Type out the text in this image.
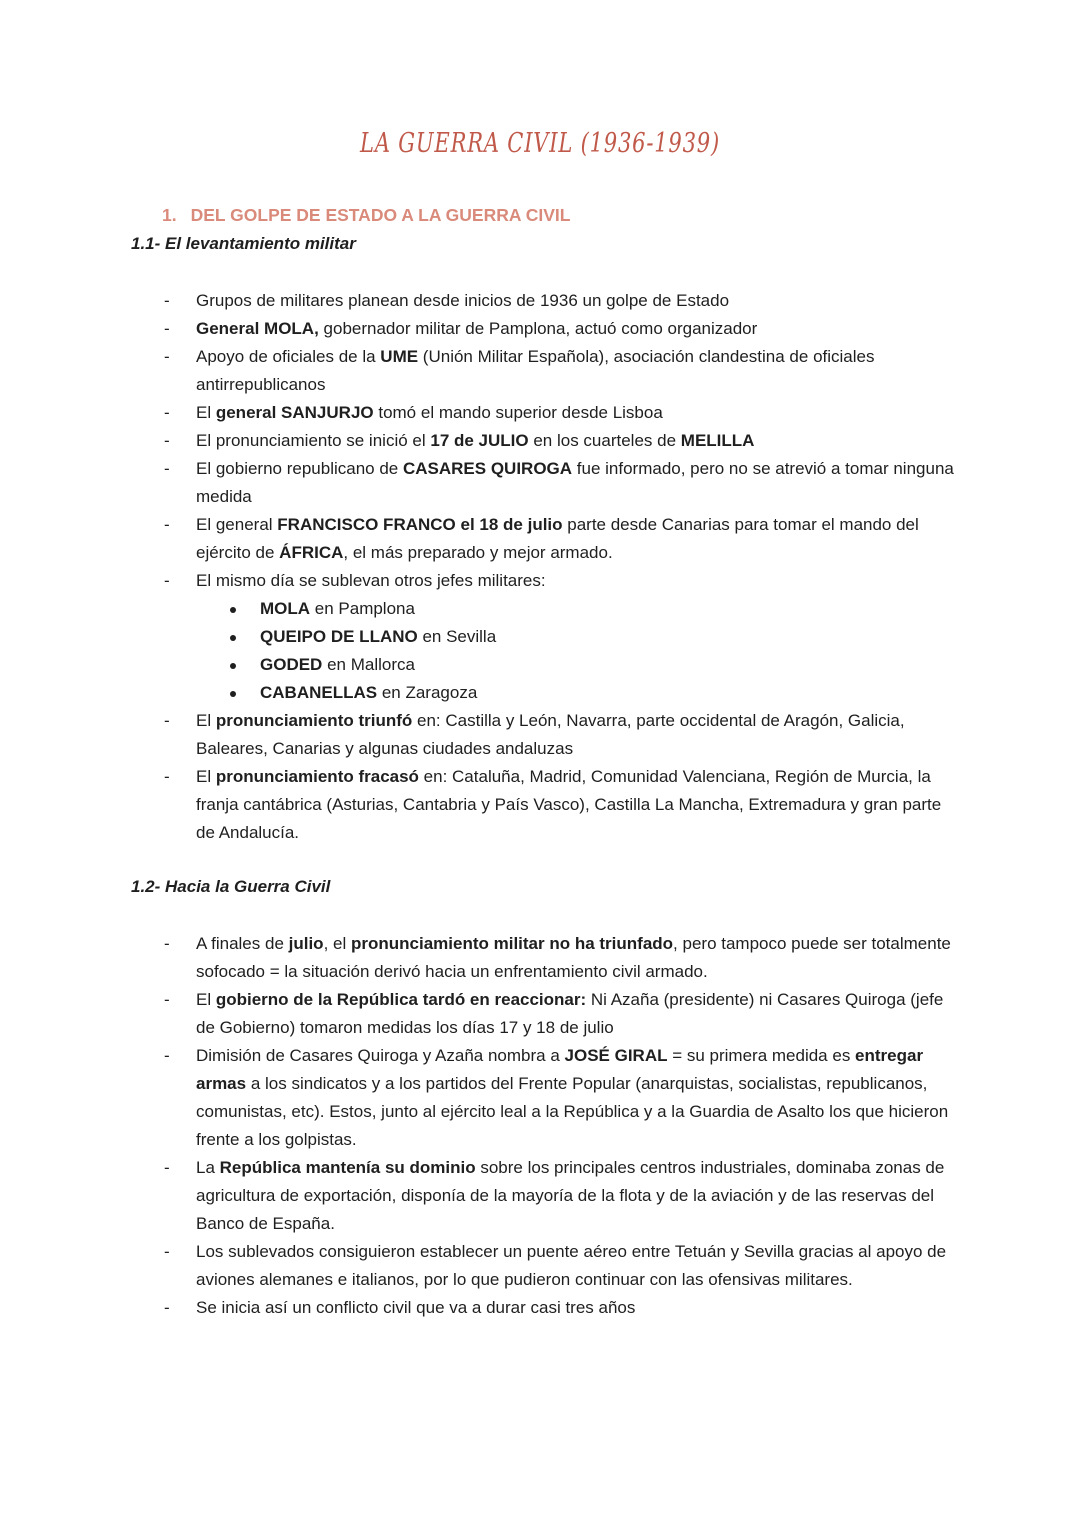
LA GUERRA CIVIL (1936-1939)
1. DEL GOLPE DE ESTADO A LA GUERRA CIVIL
1.1- El levantamiento militar
- Grupos de militares planean desde inicios de 1936 un golpe de Estado
- General MOLA, gobernador militar de Pamplona, actuó como organizador
- Apoyo de oficiales de la UME (Unión Militar Española), asociación clandestina de oficiales antirrepublicanos
- El general SANJURJO tomó el mando superior desde Lisboa
- El pronunciamiento se inició el 17 de JULIO en los cuarteles de MELILLA
- El gobierno republicano de CASARES QUIROGA fue informado, pero no se atrevió a tomar ninguna medida
- El general FRANCISCO FRANCO el 18 de julio parte desde Canarias para tomar el mando del ejército de ÁFRICA, el más preparado y mejor armado.
- El mismo día se sublevan otros jefes militares:
MOLA en Pamplona
QUEIPO DE LLANO en Sevilla
GODED en Mallorca
CABANELLAS en Zaragoza
- El pronunciamiento triunfó en: Castilla y León, Navarra, parte occidental de Aragón, Galicia, Baleares, Canarias y algunas ciudades andaluzas
- El pronunciamiento fracasó en: Cataluña, Madrid, Comunidad Valenciana, Región de Murcia, la franja cantábrica (Asturias, Cantabria y País Vasco), Castilla La Mancha, Extremadura y gran parte de Andalucía.
1.2- Hacia la Guerra Civil
- A finales de julio, el pronunciamiento militar no ha triunfado, pero tampoco puede ser totalmente sofocado = la situación derivó hacia un enfrentamiento civil armado.
- El gobierno de la República tardó en reaccionar: Ni Azaña (presidente) ni Casares Quiroga (jefe de Gobierno) tomaron medidas los días 17 y 18 de julio
- Dimisión de Casares Quiroga y Azaña nombra a JOSÉ GIRAL = su primera medida es entregar armas a los sindicatos y a los partidos del Frente Popular (anarquistas, socialistas, republicanos, comunistas, etc). Estos, junto al ejército leal a la República y a la Guardia de Asalto los que hicieron frente a los golpistas.
- La República mantenía su dominio sobre los principales centros industriales, dominaba zonas de agricultura de exportación, disponía de la mayoría de la flota y de la aviación y de las reservas del Banco de España.
- Los sublevados consiguieron establecer un puente aéreo entre Tetuán y Sevilla gracias al apoyo de aviones alemanes e italianos, por lo que pudieron continuar con las ofensivas militares.
- Se inicia así un conflicto civil que va a durar casi tres años
